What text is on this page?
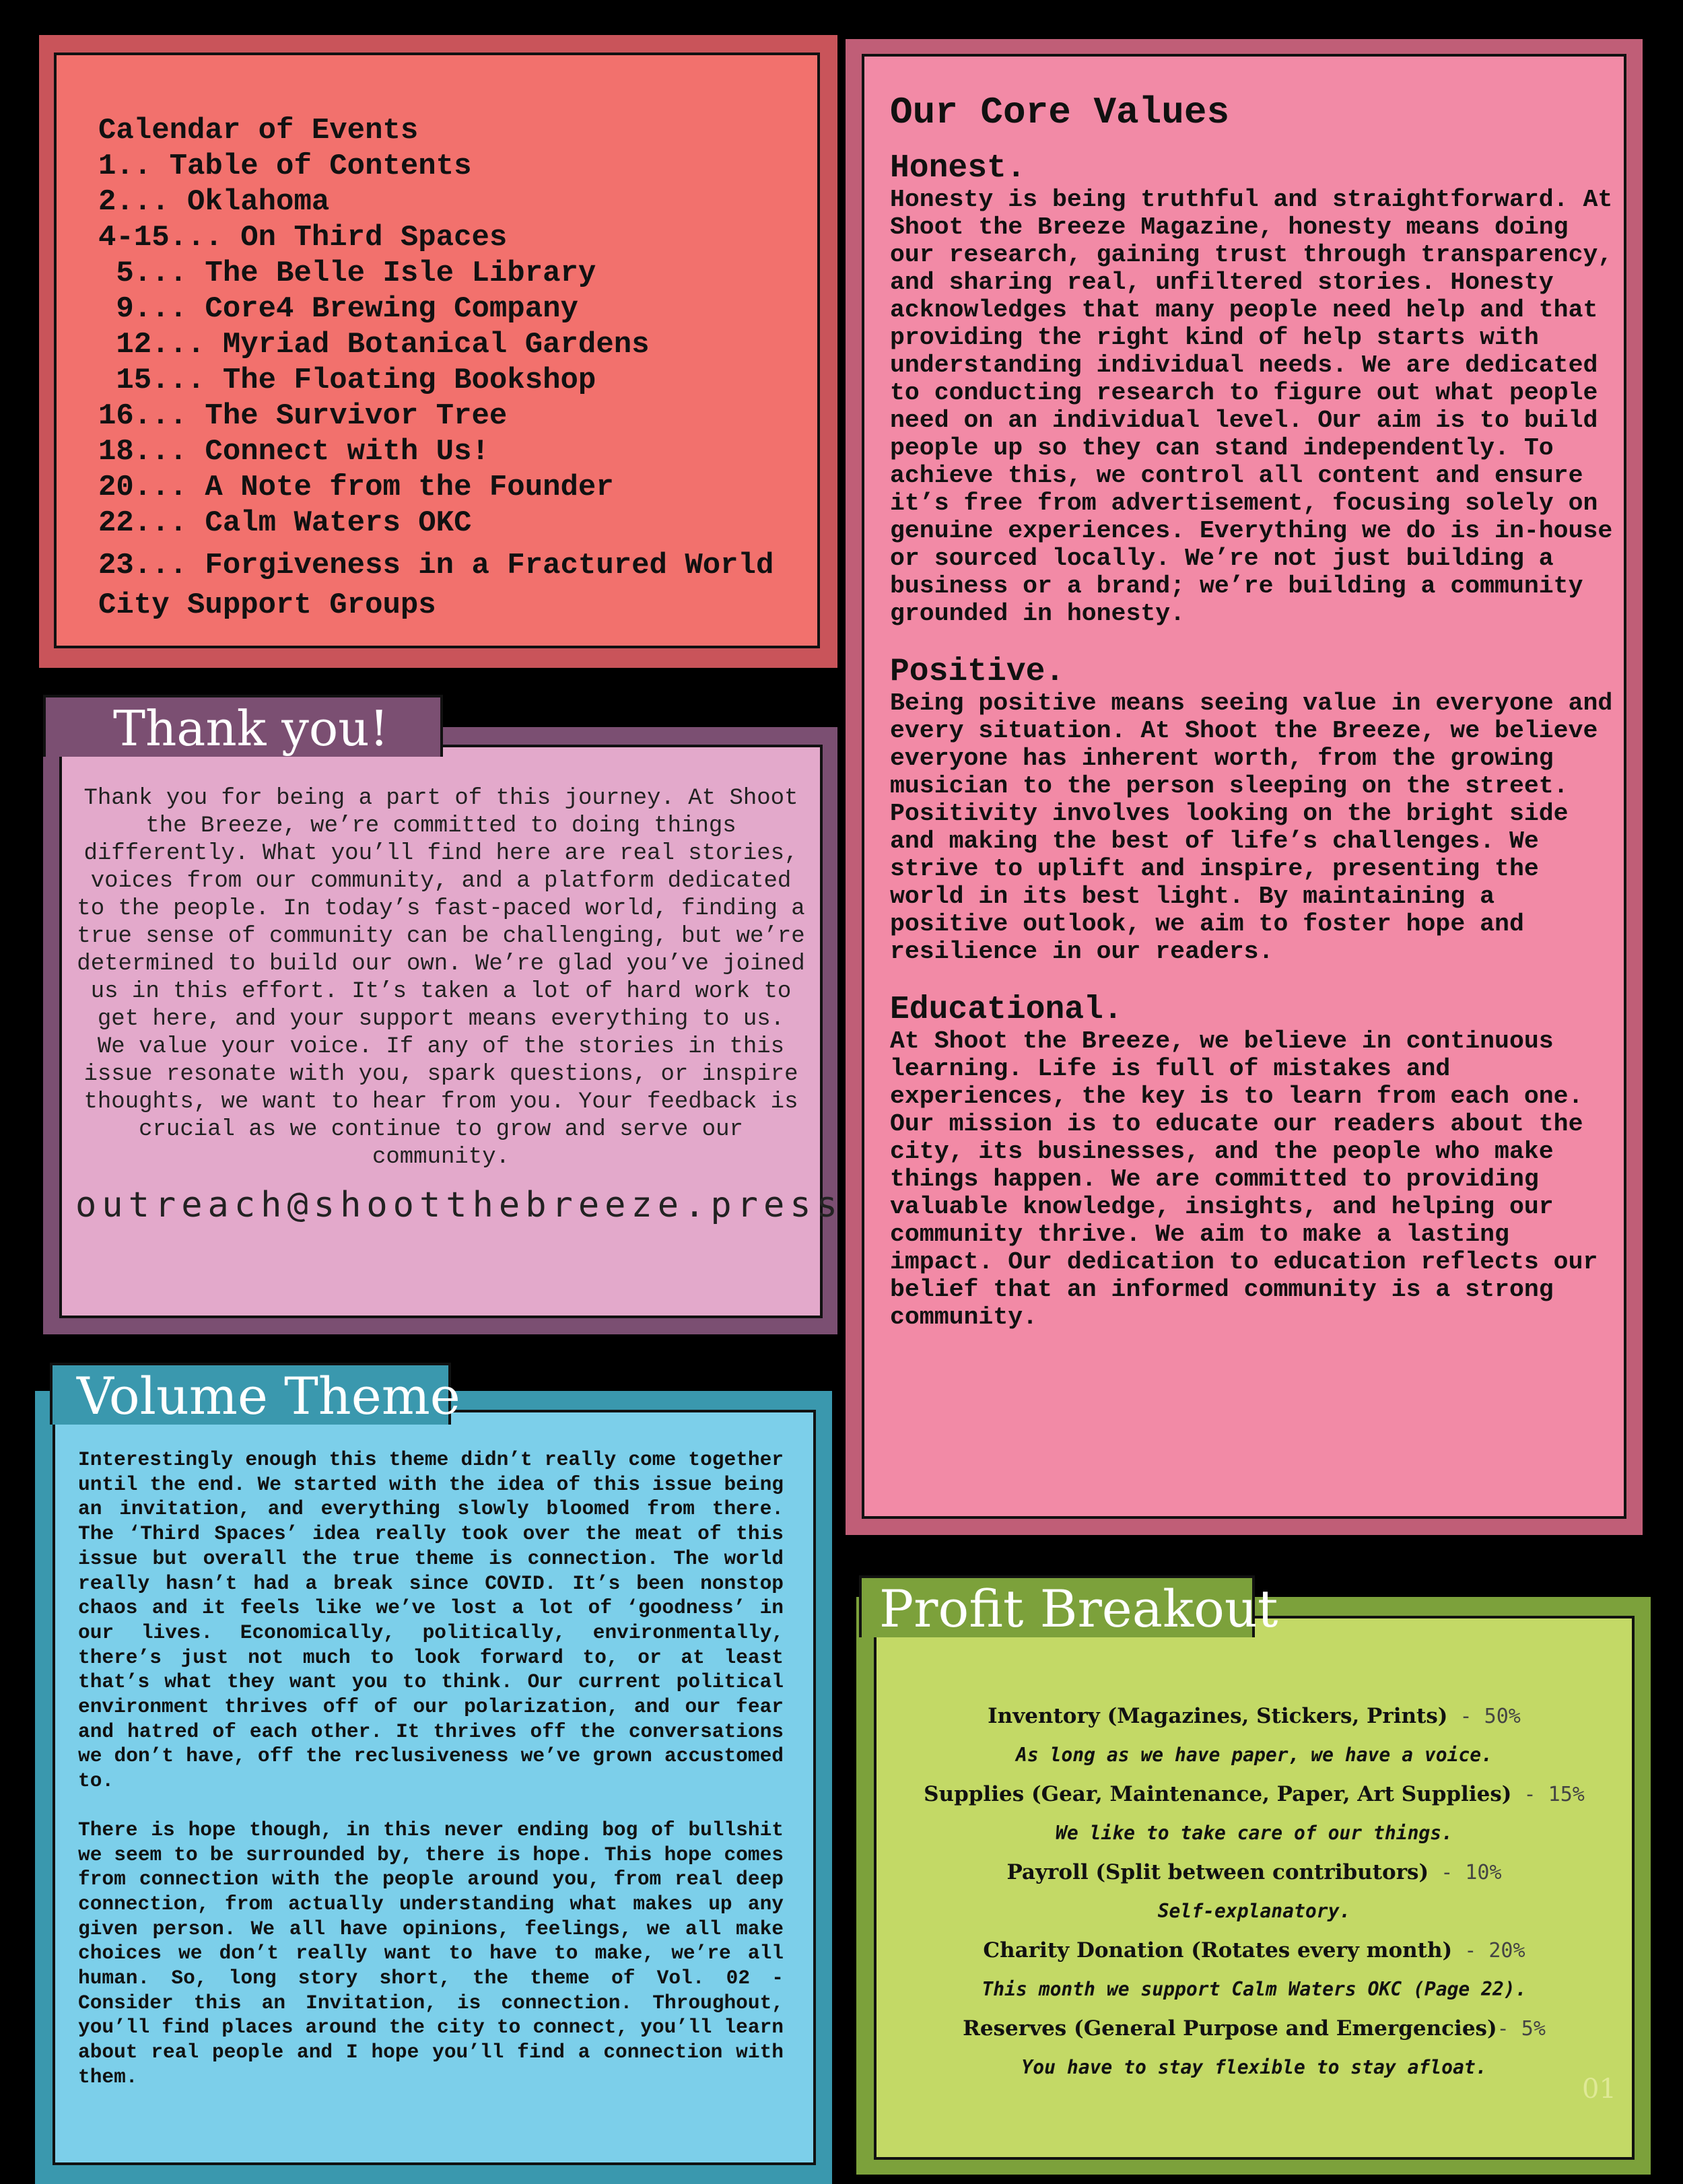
Calendar of Events
1.. Table of Contents
2... Oklahoma
4-15... On Third Spaces
5... The Belle Isle Library
9... Core4 Brewing Company
12... Myriad Botanical Gardens
15... The Floating Bookshop
16... The Survivor Tree
18... Connect with Us!
20... A Note from the Founder
22... Calm Waters OKC
23... Forgiveness in a Fractured World
City Support Groups
Our Core Values
Honest.
Honesty is being truthful and straightforward. At Shoot the Breeze Magazine, honesty means doing our research, gaining trust through transparency, and sharing real, unfiltered stories. Honesty acknowledges that many people need help and that providing the right kind of help starts with understanding individual needs. We are dedicated to conducting research to figure out what people need on an individual level. Our aim is to build people up so they can stand independently. To achieve this, we control all content and ensure it’s free from advertisement, focusing solely on genuine experiences. Everything we do is in-house or sourced locally. We’re not just building a business or a brand; we’re building a community grounded in honesty.
Positive.
Being positive means seeing value in everyone and every situation. At Shoot the Breeze, we believe everyone has inherent worth, from the growing musician to the person sleeping on the street. Positivity involves looking on the bright side and making the best of life’s challenges. We strive to uplift and inspire, presenting the world in its best light. By maintaining a positive outlook, we aim to foster hope and resilience in our readers.
Educational.
At Shoot the Breeze, we believe in continuous learning. Life is full of mistakes and experiences, the key is to learn from each one. Our mission is to educate our readers about the city, its businesses, and the people who make things happen. We are committed to providing valuable knowledge, insights, and helping our community thrive. We aim to make a lasting impact. Our dedication to education reflects our belief that an informed community is a strong community.
Thank you for being a part of this journey. At Shoot the Breeze, we’re committed to doing things differently. What you’ll find here are real stories, voices from our community, and a platform dedicated to the people. In today’s fast-paced world, finding a true sense of community can be challenging, but we’re determined to build our own. We’re glad you’ve joined us in this effort. It’s taken a lot of hard work to get here, and your support means everything to us.
We value your voice. If any of the stories in this issue resonate with you, spark questions, or inspire thoughts, we want to hear from you. Your feedback is crucial as we continue to grow and serve our community.
outreach@shootthebreeze.press
Thank you!
Interestingly enough this theme didn’t really come together until the end. We started with the idea of this issue being an invitation, and everything slowly bloomed from there. The ‘Third Spaces’ idea really took over the meat of this issue but overall the true theme is connection. The world really hasn’t had a break since COVID. It’s been nonstop chaos and it feels like we’ve lost a lot of ‘goodness’ in our lives. Economically, politically, environmentally, there’s just not much to look forward to, or at least that’s what they want you to think. Our current political environment thrives off of our polarization, and our fear and hatred of each other. It thrives off the conversations we don’t have, off the reclusiveness we’ve grown accustomed to.
There is hope though, in this never ending bog of bullshit we seem to be surrounded by, there is hope. This hope comes from connection with the people around you, from real deep connection, from actually understanding what makes up any given person. We all have opinions, feelings, we all make choices we don’t really want to have to make, we’re all human. So, long story short, the theme of Vol. 02 - Consider this an Invitation, is connection. Throughout, you’ll find places around the city to connect, you’ll learn about real people and I hope you’ll find a connection with them.
Volume Theme
Inventory (Magazines, Stickers, Prints) - 50%
As long as we have paper, we have a voice.
Supplies (Gear, Maintenance, Paper, Art Supplies) - 15%
We like to take care of our things.
Payroll (Split between contributors) - 10%
Self-explanatory.
Charity Donation (Rotates every month) - 20%
This month we support Calm Waters OKC (Page 22).
Reserves (General Purpose and Emergencies)- 5%
You have to stay flexible to stay afloat.
Profit Breakout
01
